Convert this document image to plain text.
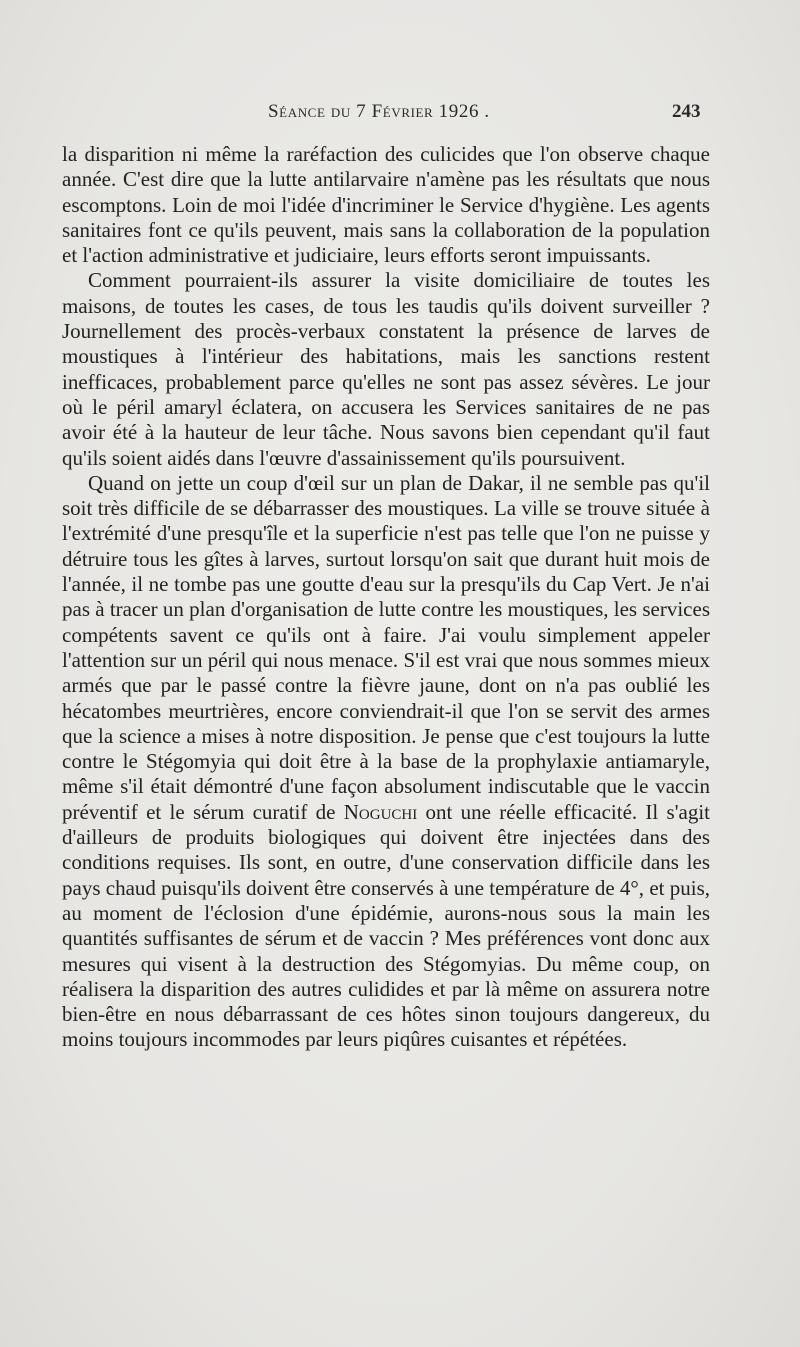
Séance du 7 Février 1926 .	243

la disparition ni même la raréfaction des culicides que l'on observe chaque année. C'est dire que la lutte antilarvaire n'amène pas les résultats que nous escomptons. Loin de moi l'idée d'incriminer le Service d'hygiène. Les agents sanitaires font ce qu'ils peuvent, mais sans la collaboration de la population et l'action administrative et judiciaire, leurs efforts seront impuissants.

Comment pourraient-ils assurer la visite domiciliaire de toutes les maisons, de toutes les cases, de tous les taudis qu'ils doivent surveiller ? Journellement des procès-verbaux constatent la présence de larves de moustiques à l'intérieur des habitations, mais les sanctions restent inefficaces, probablement parce qu'elles ne sont pas assez sévères. Le jour où le péril amaryl éclatera, on accusera les Services sanitaires de ne pas avoir été à la hauteur de leur tâche. Nous savons bien cependant qu'il faut qu'ils soient aidés dans l'œuvre d'assainissement qu'ils poursuivent.

Quand on jette un coup d'œil sur un plan de Dakar, il ne semble pas qu'il soit très difficile de se débarrasser des moustiques. La ville se trouve située à l'extrémité d'une presqu'île et la superficie n'est pas telle que l'on ne puisse y détruire tous les gîtes à larves, surtout lorsqu'on sait que durant huit mois de l'année, il ne tombe pas une goutte d'eau sur la presqu'ils du Cap Vert. Je n'ai pas à tracer un plan d'organisation de lutte contre les moustiques, les services compétents savent ce qu'ils ont à faire. J'ai voulu simplement appeler l'attention sur un péril qui nous menace. S'il est vrai que nous sommes mieux armés que par le passé contre la fièvre jaune, dont on n'a pas oublié les hécatombes meurtrières, encore conviendrait-il que l'on se servit des armes que la science a mises à notre disposition. Je pense que c'est toujours la lutte contre le Stégomyia qui doit être à la base de la prophylaxie antiamaryle, même s'il était démontré d'une façon absolument indiscutable que le vaccin préventif et le sérum curatif de Noguchi ont une réelle efficacité. Il s'agit d'ailleurs de produits biologiques qui doivent être injectées dans des conditions requises. Ils sont, en outre, d'une conservation difficile dans les pays chaud puisqu'ils doivent être conservés à une température de 4°, et puis, au moment de l'éclosion d'une épidémie, aurons-nous sous la main les quantités suffisantes de sérum et de vaccin ? Mes préférences vont donc aux mesures qui visent à la destruction des Stégomyias. Du même coup, on réalisera la disparition des autres culidides et par là même on assurera notre bien-être en nous débarrassant de ces hôtes sinon toujours dangereux, du moins toujours incommodes par leurs piqûres cuisantes et répétées.
